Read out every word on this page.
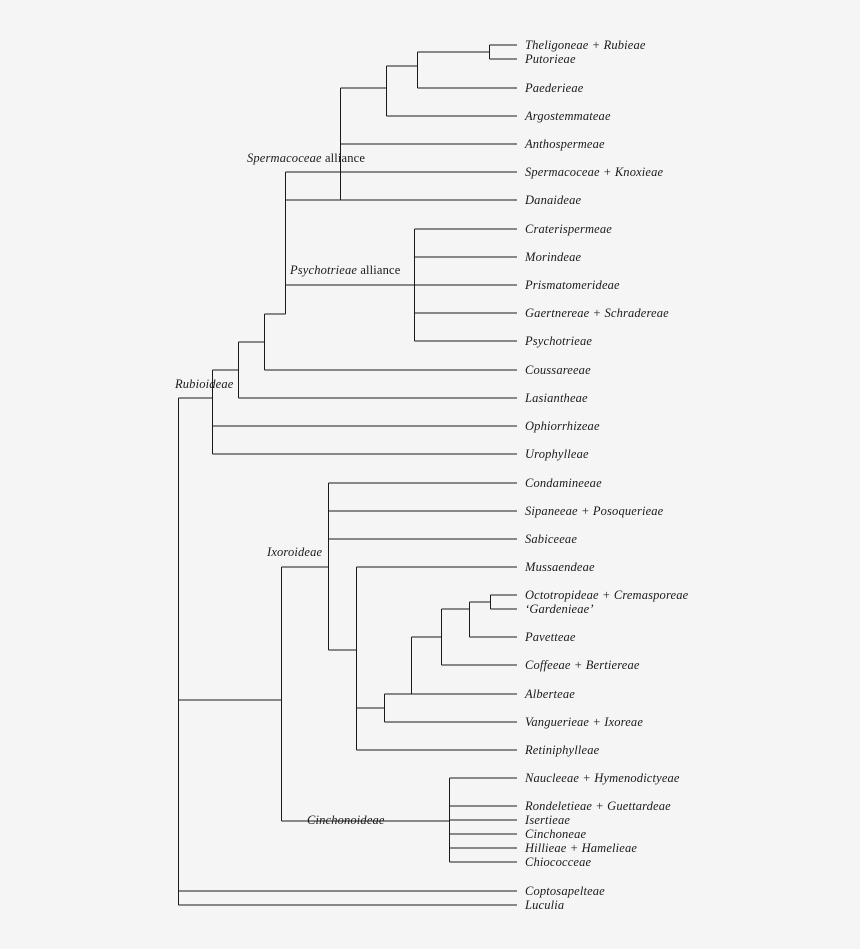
Theligoneae + Rubieae
Putorieae
Paederieae
Argostemmateae
Anthospermeae
Spermacoceae + Knoxieae
Danaideae
Craterispermeae
Morindeae
Prismatomerideae
Gaertnereae + Schradereae
Psychotrieae
Coussareeae
Lasiantheae
Ophiorrhizeae
Urophylleae
Condamineeae
Sipaneeae + Posoquerieae
Sabiceeae
Mussaendeae
Octotropideae + Cremasporeae
‘Gardenieae’
Pavetteae
Coffeeae + Bertiereae
Alberteae
Vanguerieae + Ixoreae
Retiniphylleae
Naucleeae + Hymenodictyeae
Rondeletieae + Guettardeae
Isertieae
Cinchoneae
Hillieae + Hamelieae
Chiococceae
Coptosapelteae
Luculia
Spermacoceae alliance
Psychotrieae alliance
Rubioideae
Ixoroideae
Cinchonoideae
